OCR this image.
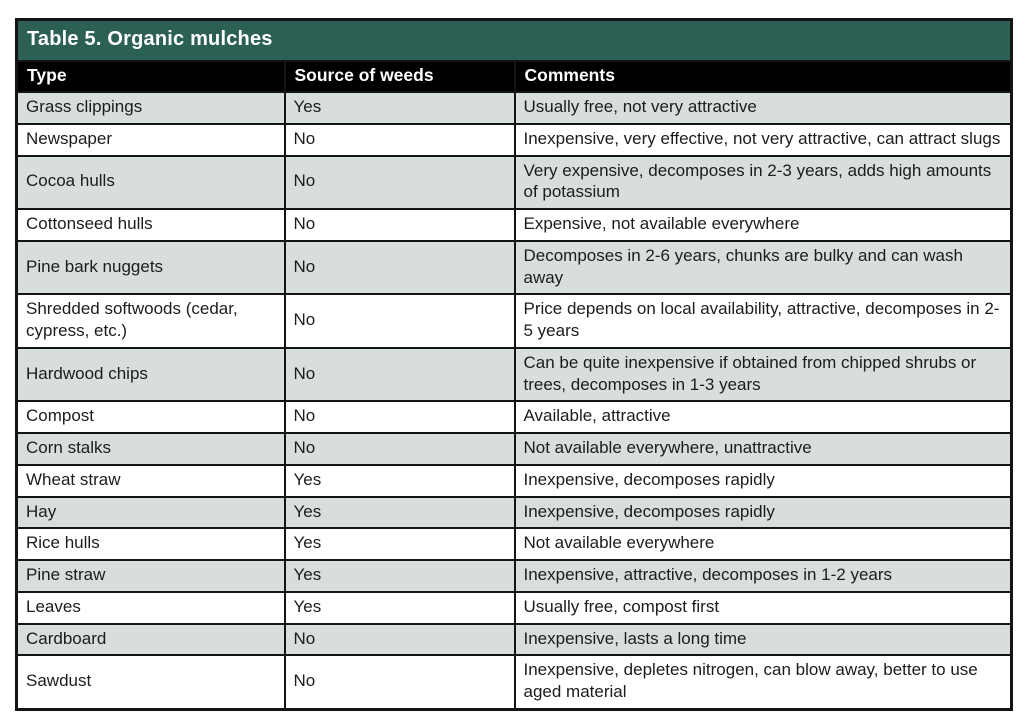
Table 5. Organic mulches		
Type	Source of weeds	Comments
Grass clippings	Yes	Usually free, not very attractive
Newspaper	No	Inexpensive, very effective, not very attractive, can attract slugs
Cocoa hulls	No	Very expensive, decomposes in 2-3 years, adds high amounts of potassium
Cottonseed hulls	No	Expensive, not available everywhere
Pine bark nuggets	No	Decomposes in 2-6 years, chunks are bulky and can wash away
Shredded softwoods (cedar, cypress, etc.)	No	Price depends on local availability, attractive, decomposes in 2-5 years
Hardwood chips	No	Can be quite inexpensive if obtained from chipped shrubs or trees, decomposes in 1-3 years
Compost	No	Available, attractive
Corn stalks	No	Not available everywhere, unattractive
Wheat straw	Yes	Inexpensive, decomposes rapidly
Hay	Yes	Inexpensive, decomposes rapidly
Rice hulls	Yes	Not available everywhere
Pine straw	Yes	Inexpensive, attractive, decomposes in 1-2 years
Leaves	Yes	Usually free, compost first
Cardboard	No	Inexpensive, lasts a long time
Sawdust	No	Inexpensive, depletes nitrogen, can blow away, better to use aged material
